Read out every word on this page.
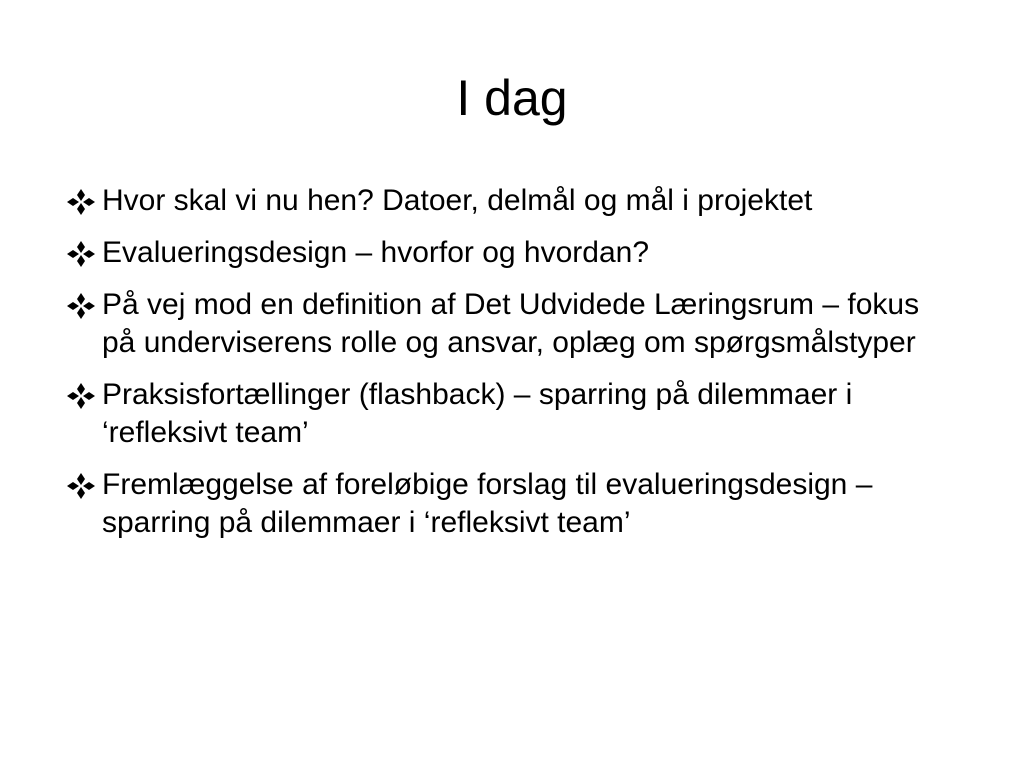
I dag
Hvor skal vi nu hen? Datoer, delmål og mål i projektet
Evalueringsdesign – hvorfor og hvordan?
På vej mod en definition af Det Udvidede Læringsrum – fokus på underviserens rolle og ansvar, oplæg om spørgsmålstyper
Praksisfortællinger (flashback) – sparring på dilemmaer i ‘refleksivt team’
Fremlæggelse af foreløbige forslag til evalueringsdesign – sparring på dilemmaer i ‘refleksivt team’
